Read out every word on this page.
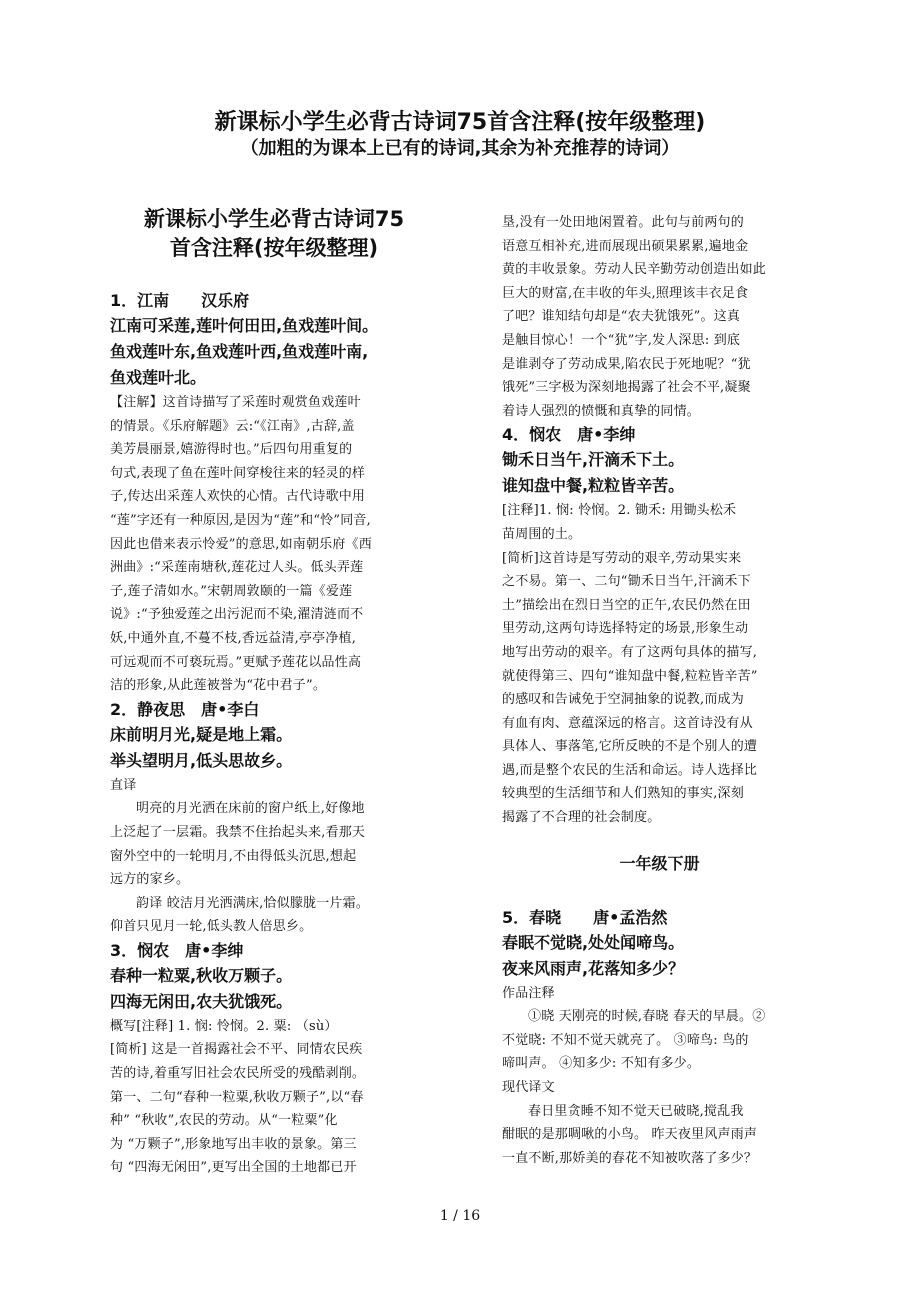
新课标小学生必背古诗词75首含注释(按年级整理)
（加粗的为课本上已有的诗词,其余为补充推荐的诗词）
新课标小学生必背古诗词75
首含注释(按年级整理)

1．江南　　汉乐府

江南可采莲,莲叶何田田,鱼戏莲叶间。

鱼戏莲叶东,鱼戏莲叶西,鱼戏莲叶南,

鱼戏莲叶北。

【注解】这首诗描写了采莲时观赏鱼戏莲叶

的情景。《乐府解题》云:“《江南》,古辞,盖

美芳晨丽景,嬉游得时也。”后四句用重复的

句式,表现了鱼在莲叶间穿梭往来的轻灵的样

子,传达出采莲人欢快的心情。古代诗歌中用

“莲”字还有一种原因,是因为“莲”和“怜”同音,

因此也借来表示怜爱”的意思,如南朝乐府《西

洲曲》:“采莲南塘秋,莲花过人头。低头弄莲

子,莲子清如水。”宋朝周敦颐的一篇《爱莲

说》:“予独爱莲之出污泥而不染,濯清涟而不

妖,中通外直,不蔓不枝,香远益清,亭亭净植,

可远观而不可亵玩焉。”更赋予莲花以品性高

洁的形象,从此莲被誉为“花中君子”。

2．静夜思　唐•李白

床前明月光,疑是地上霜。

举头望明月,低头思故乡。

直译

明亮的月光洒在床前的窗户纸上,好像地

上泛起了一层霜。我禁不住抬起头来,看那天

窗外空中的一轮明月,不由得低头沉思,想起

远方的家乡。

韵译 皎洁月光洒满床,恰似朦胧一片霜。

仰首只见月一轮,低头教人倍思乡。

3．悯农　唐•李绅

春种一粒粟,秋收万颗子。

四海无闲田,农夫犹饿死。

概写[注释] 1. 悯: 怜悯。2. 粟: （sù）

[简析] 这是一首揭露社会不平、同情农民疾

苦的诗,着重写旧社会农民所受的残酷剥削。

第一、二句“春种一粒粟,秋收万颗子”,以“春

种” “秋收”,农民的劳动。从“一粒粟”化

为 “万颗子”,形象地写出丰收的景象。第三

句 “四海无闲田”,更写出全国的土地都已开

垦,没有一处田地闲置着。此句与前两句的

语意互相补充,进而展现出硕果累累,遍地金

黄的丰收景象。劳动人民辛勤劳动创造出如此

巨大的财富,在丰收的年头,照理该丰衣足食

了吧？谁知结句却是“农夫犹饿死”。这真

是触目惊心！一个“犹”字,发人深思: 到底

是谁剥夺了劳动成果,陷农民于死地呢？“犹

饿死”三字极为深刻地揭露了社会不平,凝聚

着诗人强烈的愤慨和真挚的同情。

4．悯农　唐•李绅

锄禾日当午,汗滴禾下土。

谁知盘中餐,粒粒皆辛苦。

[注释]1. 悯: 怜悯。2. 锄禾: 用锄头松禾

苗周围的土。

[简析]这首诗是写劳动的艰辛,劳动果实来

之不易。第一、二句“锄禾日当午,汗滴禾下

土”描绘出在烈日当空的正午,农民仍然在田

里劳动,这两句诗选择特定的场景,形象生动

地写出劳动的艰辛。有了这两句具体的描写,

就使得第三、四句“谁知盘中餐,粒粒皆辛苦”

的感叹和告诫免于空洞抽象的说教,而成为

有血有肉、意蕴深远的格言。这首诗没有从

具体人、事落笔,它所反映的不是个别人的遭

遇,而是整个农民的生活和命运。诗人选择比

较典型的生活细节和人们熟知的事实,深刻

揭露了不合理的社会制度。

一年级下册

5．春晓　　唐•孟浩然

春眠不觉晓,处处闻啼鸟。

夜来风雨声,花落知多少？

作品注释

①晓 天刚亮的时候,春晓 春天的早晨。②

不觉晓: 不知不觉天就亮了。 ③啼鸟: 鸟的

啼叫声。 ④知多少: 不知有多少。

现代译文

春日里贪睡不知不觉天已破晓,搅乱我

酣眠的是那啁啾的小鸟。 昨天夜里风声雨声

一直不断,那娇美的春花不知被吹落了多少？

1 / 16
